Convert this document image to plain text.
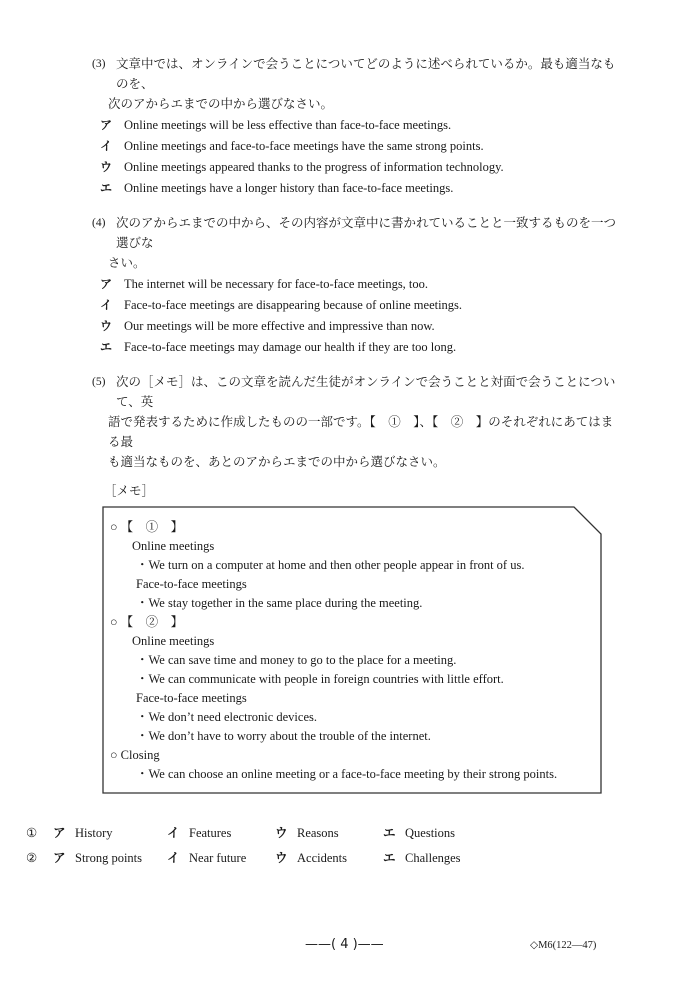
(3) 文章中では、オンラインで会うことについてどのように述べられているか。最も適当なものを、
次のアからエまでの中から選びなさい。
ア Online meetings will be less effective than face-to-face meetings.
イ Online meetings and face-to-face meetings have the same strong points.
ウ Online meetings appeared thanks to the progress of information technology.
エ Online meetings have a longer history than face-to-face meetings.
(4) 次のアからエまでの中から、その内容が文章中に書かれていることと一致するものを一つ選びな
さい。
ア The internet will be necessary for face-to-face meetings, too.
イ Face-to-face meetings are disappearing because of online meetings.
ウ Our meetings will be more effective and impressive than now.
エ Face-to-face meetings may damage our health if they are too long.
(5) 次の［メモ］は、この文章を読んだ生徒がオンラインで会うことと対面で会うことについて、英
語で発表するために作成したものの一部です。【　①　】、【　②　】のそれぞれにあてはまる最
も適当なものを、あとのアからエまでの中から選びなさい。
［メモ］
○ 【　①　】
Online meetings
・We turn on a computer at home and then other people appear in front of us.
Face-to-face meetings
・We stay together in the same place during the meeting.
○ 【　②　】
Online meetings
・We can save time and money to go to the place for a meeting.
・We can communicate with people in foreign countries with little effort.
Face-to-face meetings
・We don’t need electronic devices.
・We don’t have to worry about the trouble of the internet.
○ Closing
・We can choose an online meeting or a face-to-face meeting by their strong points.
①	ア History	イ Features	ウ Reasons	エ Questions
②	ア Strong points	イ Near future	ウ Accidents	エ Challenges
——( 4 )——	◇M6(122—47)
